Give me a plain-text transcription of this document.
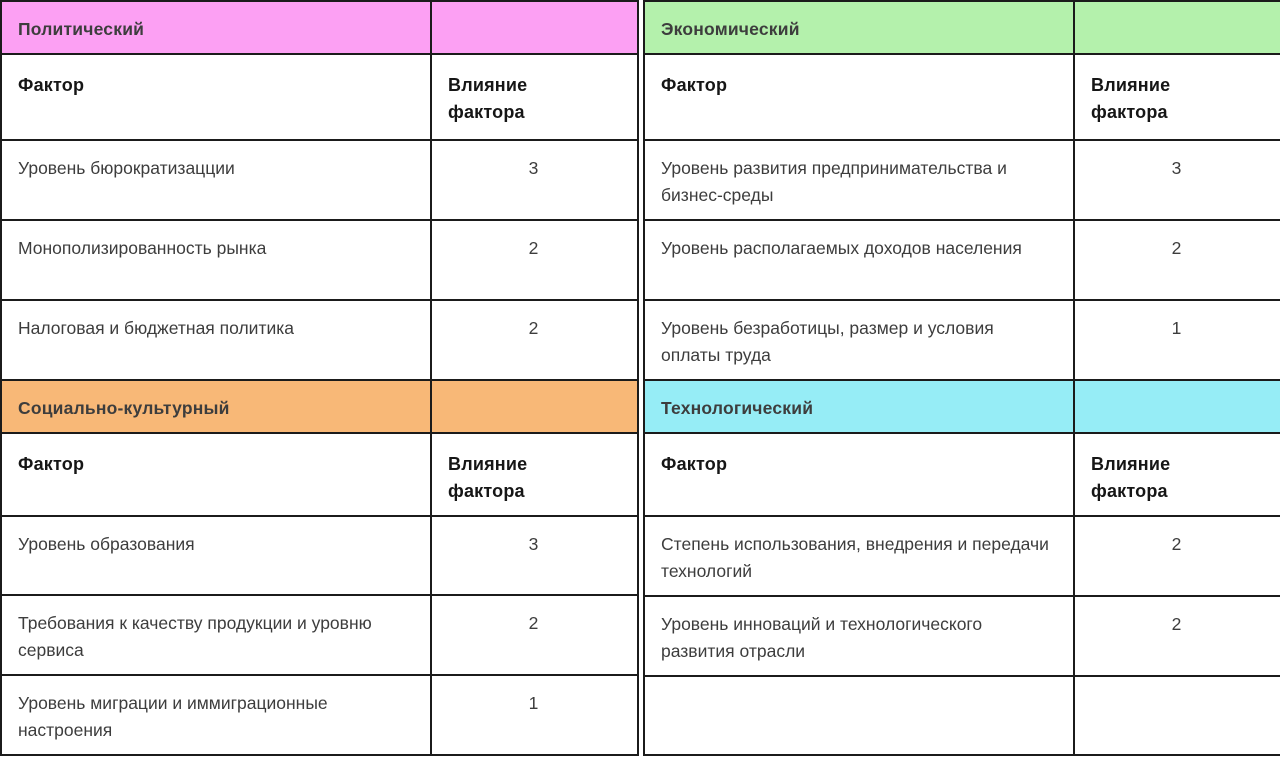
Политический	
Фактор	Влияние фактора
Уровень бюрократизацции	3
Монополизированность рынка	2
Налоговая и бюджетная политика	2
Социально-культурный	
Фактор	Влияние фактора
Уровень образования	3
Требования к качеству продукции и уровню сервиса	2
Уровень миграции и иммиграционные настроения	1
Экономический	
Фактор	Влияние фактора
Уровень развития предпринимательства и бизнес-среды	3
Уровень располагаемых доходов населения	2
Уровень безработицы, размер и условия оплаты труда	1
Технологический	
Фактор	Влияние фактора
Степень использования, внедрения и передачи технологий	2
Уровень инноваций и технологического развития отрасли	2
